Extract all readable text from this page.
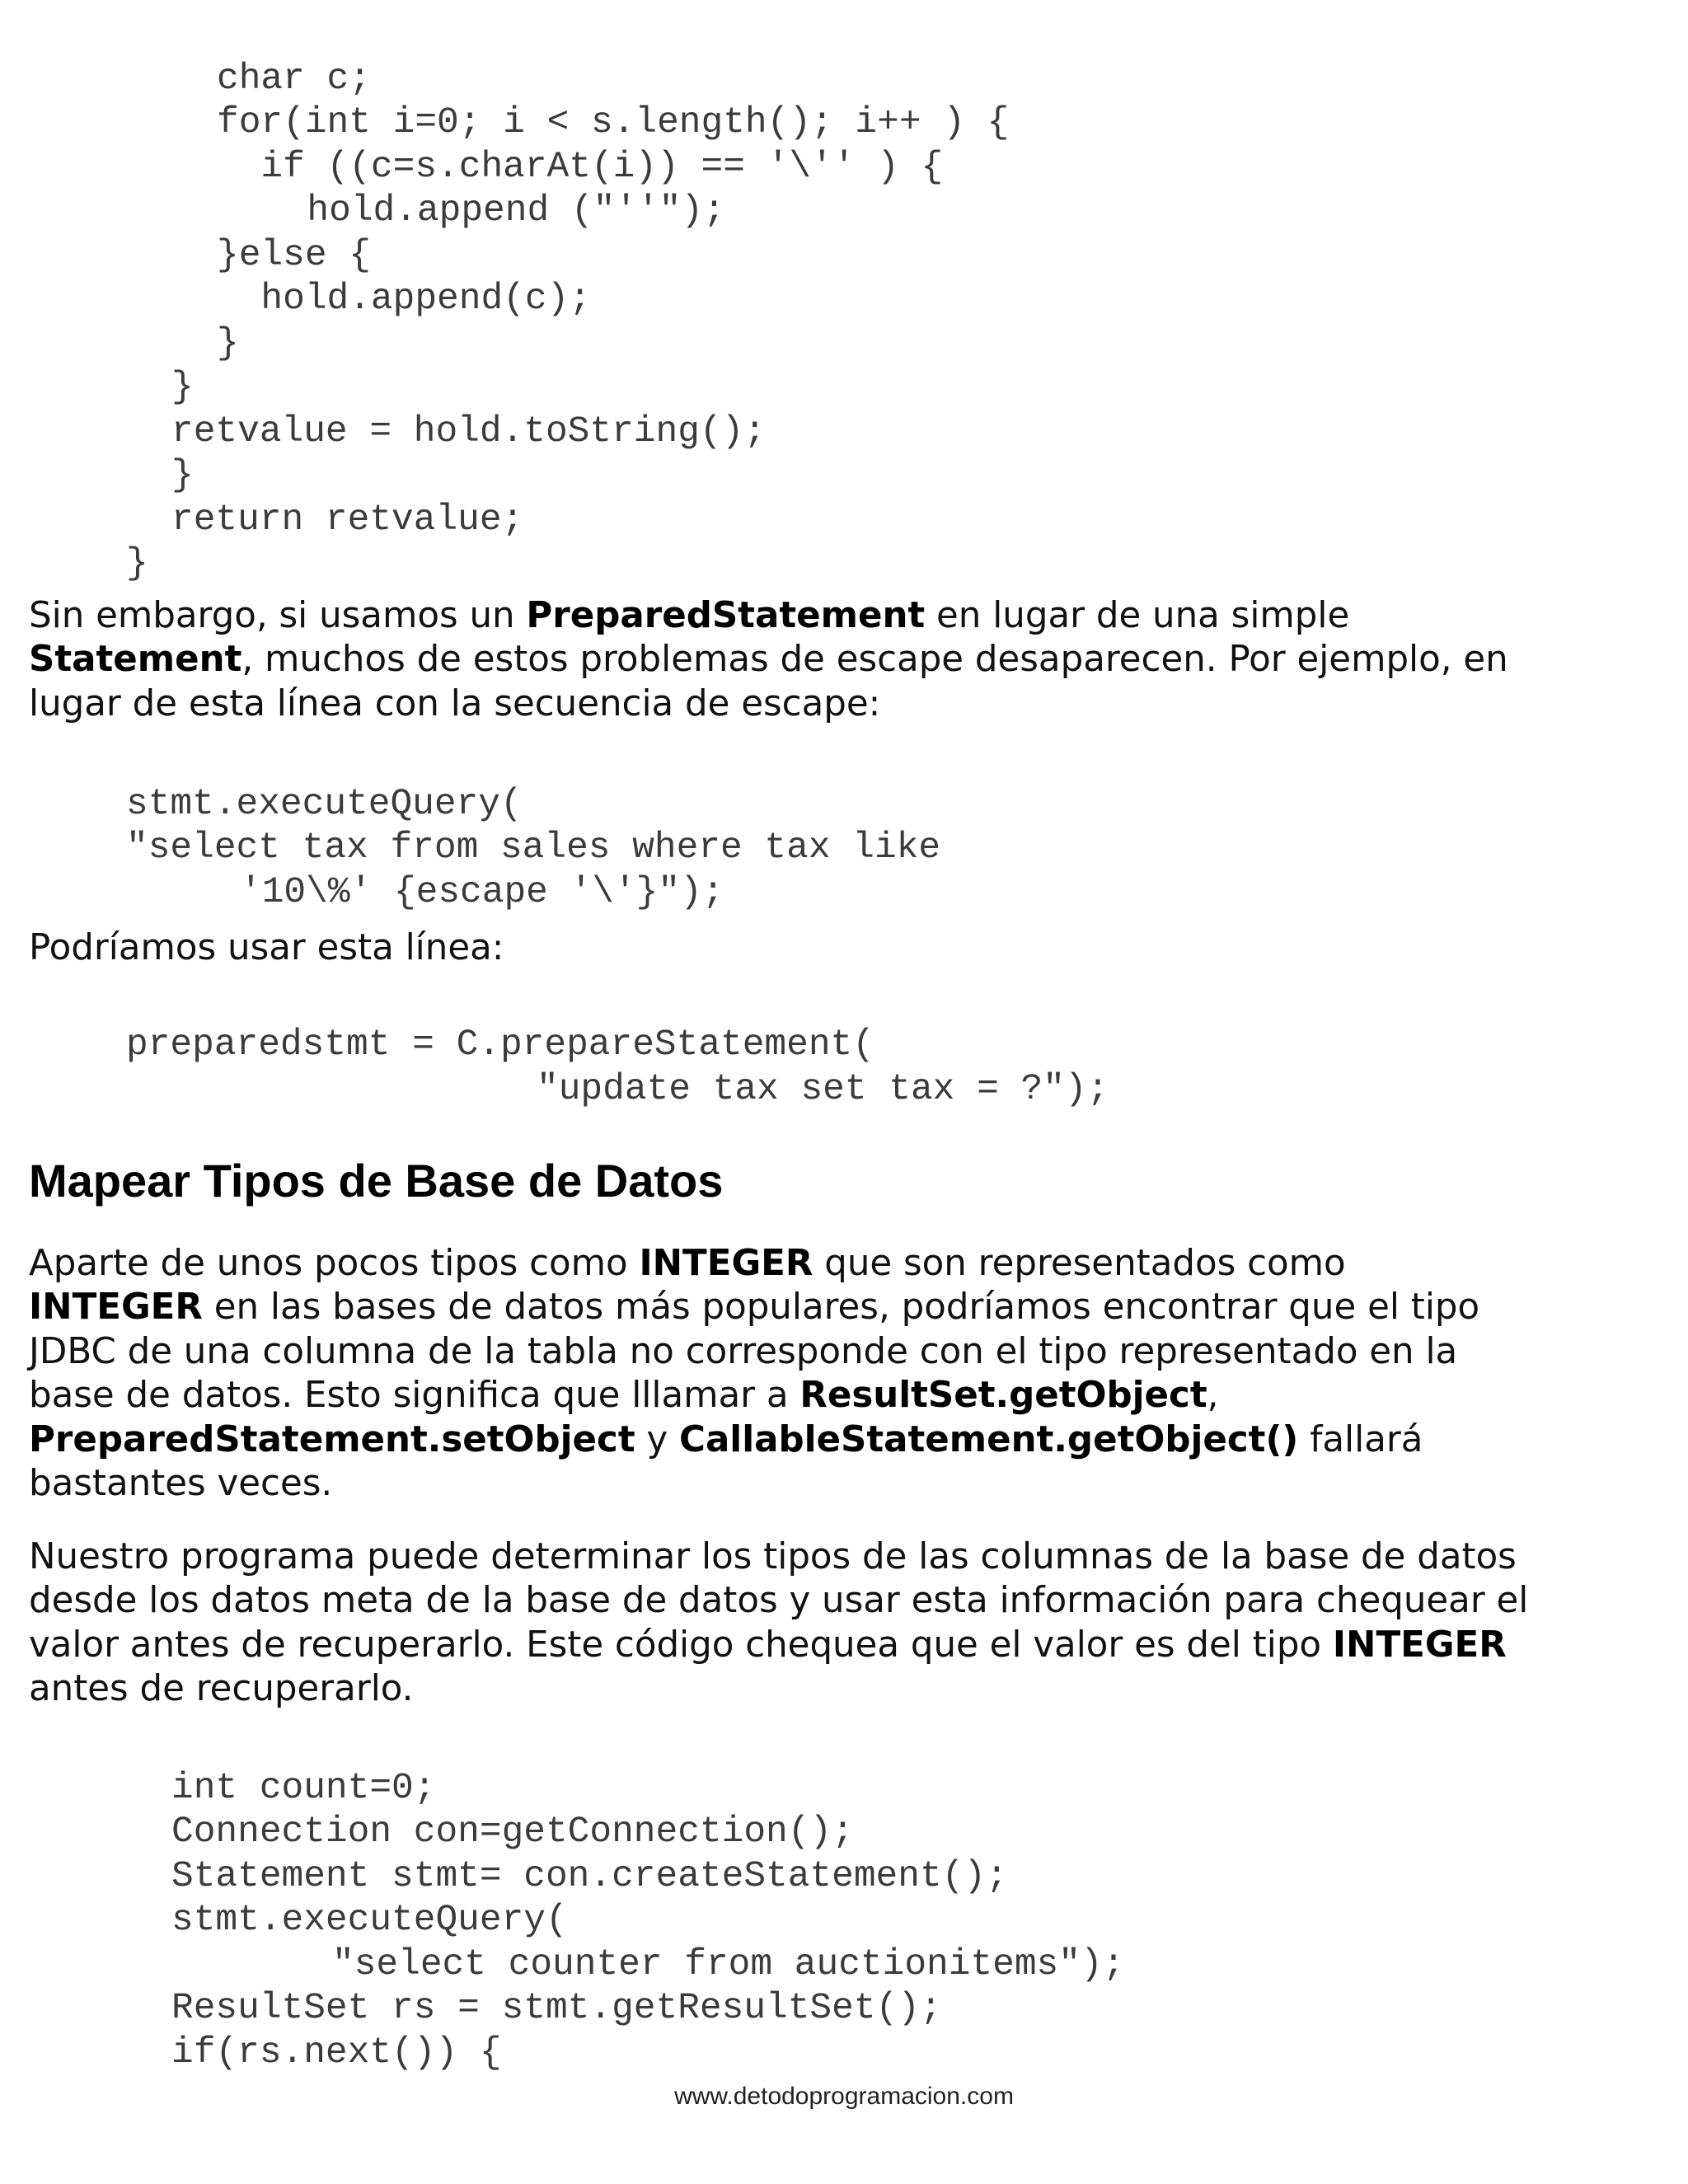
char c;
for(int i=0; i < s.length(); i++ ) {
if ((c=s.charAt(i)) == '\'' ) {
hold.append ("''");
}else {
hold.append(c);
}
}
retvalue = hold.toString();
}
return retvalue;
}
Sin embargo, si usamos un PreparedStatement en lugar de una simple
Statement, muchos de estos problemas de escape desaparecen. Por ejemplo, en
lugar de esta línea con la secuencia de escape:
stmt.executeQuery(
"select tax from sales where tax like
'10\%' {escape '\'}");
Podríamos usar esta línea:
preparedstmt = C.prepareStatement(
"update tax set tax = ?");
Mapear Tipos de Base de Datos
Aparte de unos pocos tipos como INTEGER que son representados como
INTEGER en las bases de datos más populares, podríamos encontrar que el tipo
JDBC de una columna de la tabla no corresponde con el tipo representado en la
base de datos. Esto significa que lllamar a ResultSet.getObject,
PreparedStatement.setObject y CallableStatement.getObject() fallará
bastantes veces.
Nuestro programa puede determinar los tipos de las columnas de la base de datos
desde los datos meta de la base de datos y usar esta información para chequear el
valor antes de recuperarlo. Este código chequea que el valor es del tipo INTEGER
antes de recuperarlo.
int count=0;
Connection con=getConnection();
Statement stmt= con.createStatement();
stmt.executeQuery(
"select counter from auctionitems");
ResultSet rs = stmt.getResultSet();
if(rs.next()) {
www.detodoprogramacion.com
